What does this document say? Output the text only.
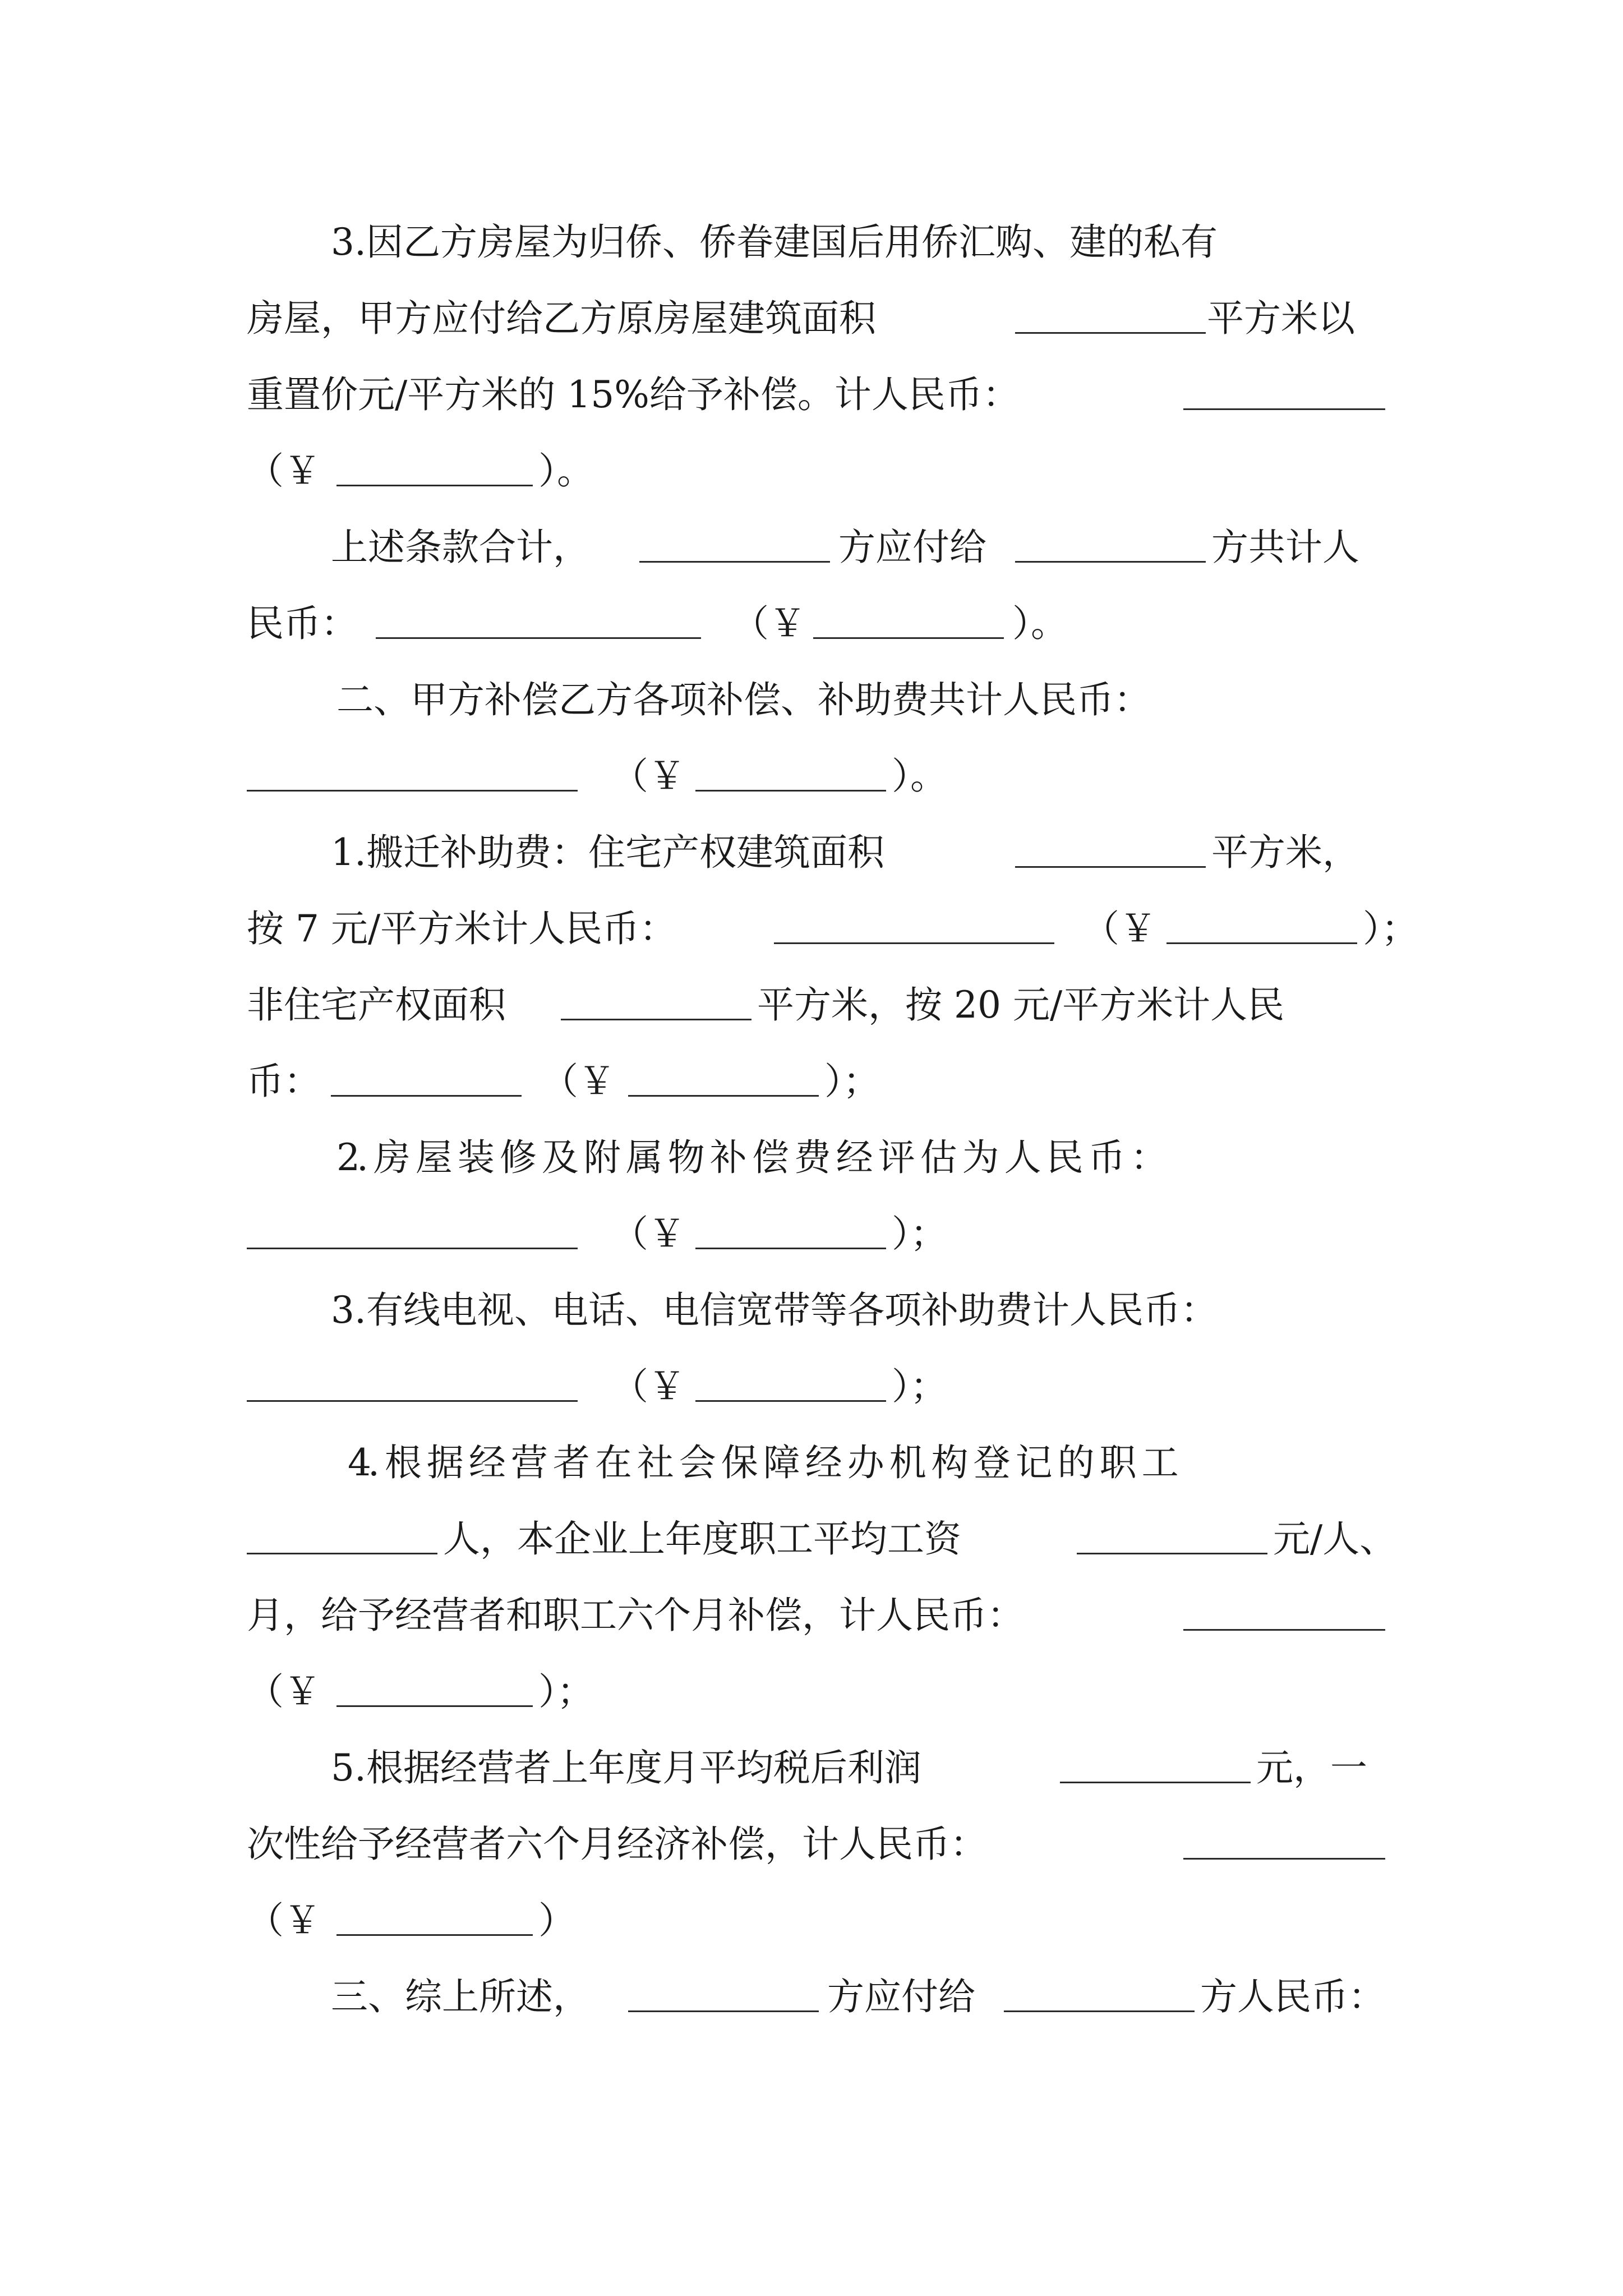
3.因乙方房屋为归侨、侨眷建国后用侨汇购、建的私有
房屋，甲方应付给乙方原房屋建筑面积	平方米以
重置价元/平方米的 15%给予补偿。计人民币：
（￥	）。
上述条款合计，	方应付给	方共计人
民币：	（￥	）。
二、甲方补偿乙方各项补偿、补助费共计人民币：
（￥	）。
1.搬迁补助费：住宅产权建筑面积	平方米，
按 7 元/平方米计人民币：	（￥	）；
非住宅产权面积	平方米，按 20 元/平方米计人民
币：	（￥	）；
2. 房 屋 装 修 及 附 属 物 补 偿 费 经 评 估 为 人 民 币 ：
（￥	）；
3.有线电视、电话、电信宽带等各项补助费计人民币：
（￥	）；
4. 根 据 经 营 者 在 社 会 保 障 经 办 机 构 登 记 的 职 工
人，本企业上年度职工平均工资	元/人、
月，给予经营者和职工六个月补偿，计人民币：
（￥	）；
5.根据经营者上年度月平均税后利润	元，一
次性给予经营者六个月经济补偿，计人民币：
（￥	）
三、综上所述，	方应付给	方人民币：
